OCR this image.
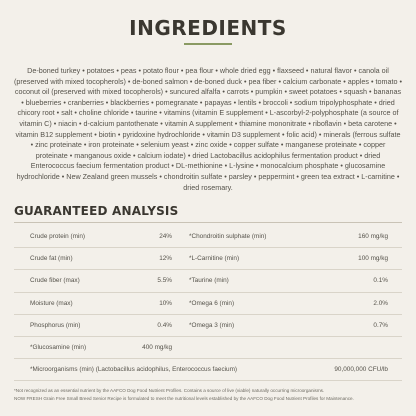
INGREDIENTS

De-boned turkey • potatoes • peas • potato flour • pea flour • whole dried egg • flaxseed • natural flavor • canola oil (preserved with mixed tocopherols) • de-boned salmon • de-boned duck • pea fiber • calcium carbonate • apples • tomato • coconut oil (preserved with mixed tocopherols) • suncured alfalfa • carrots • pumpkin • sweet potatoes • squash • bananas • blueberries • cranberries • blackberries • pomegranate • papayas • lentils • broccoli • sodium tripolyphosphate • dried chicory root • salt • choline chloride • taurine • vitamins (vitamin E supplement • L-ascorbyl-2-polyphosphate (a source of vitamin C) • niacin • d-calcium pantothenate • vitamin A supplement • thiamine mononitrate • riboflavin • beta carotene • vitamin B12 supplement • biotin • pyridoxine hydrochloride • vitamin D3 supplement • folic acid) • minerals (ferrous sulfate • zinc proteinate • iron proteinate • selenium yeast • zinc oxide • copper sulfate • manganese proteinate • copper proteinate • manganous oxide • calcium iodate) • dried Lactobacillus acidophilus fermentation product • dried Enterococcus faecium fermentation product • DL-methionine • L-lysine • monocalcium phosphate • glucosamine hydrochloride • New Zealand green mussels • chondroitin sulfate • parsley • peppermint • green tea extract • L-carnitine • dried rosemary.

GUARANTEED ANALYSIS
Crude protein (min)	24%	*Chondroitin sulphate (min)	160 mg/kg
Crude fat (min)	12%	*L-Carnitine (min)	100 mg/kg
Crude fiber (max)	5.5%	*Taurine (min)	0.1%
Moisture (max)	10%	*Omega 6 (min)	2.0%
Phosphorus (min)	0.4%	*Omega 3 (min)	0.7%
*Glucosamine (min)	400 mg/kg
*Microorganisms (min) (Lactobacillus acidophilus, Enterococcus faecium)	90,000,000 CFU/lb

*Not recognized as an essential nutrient by the AAFCO Dog Food Nutrient Profiles. Contains a source of live (viable) naturally occurring microorganisms.

NOW FRESH Grain Free Small Breed Senior Recipe is formulated to meet the nutritional levels established by the AAFCO Dog Food Nutrient Profiles for Maintenance.
